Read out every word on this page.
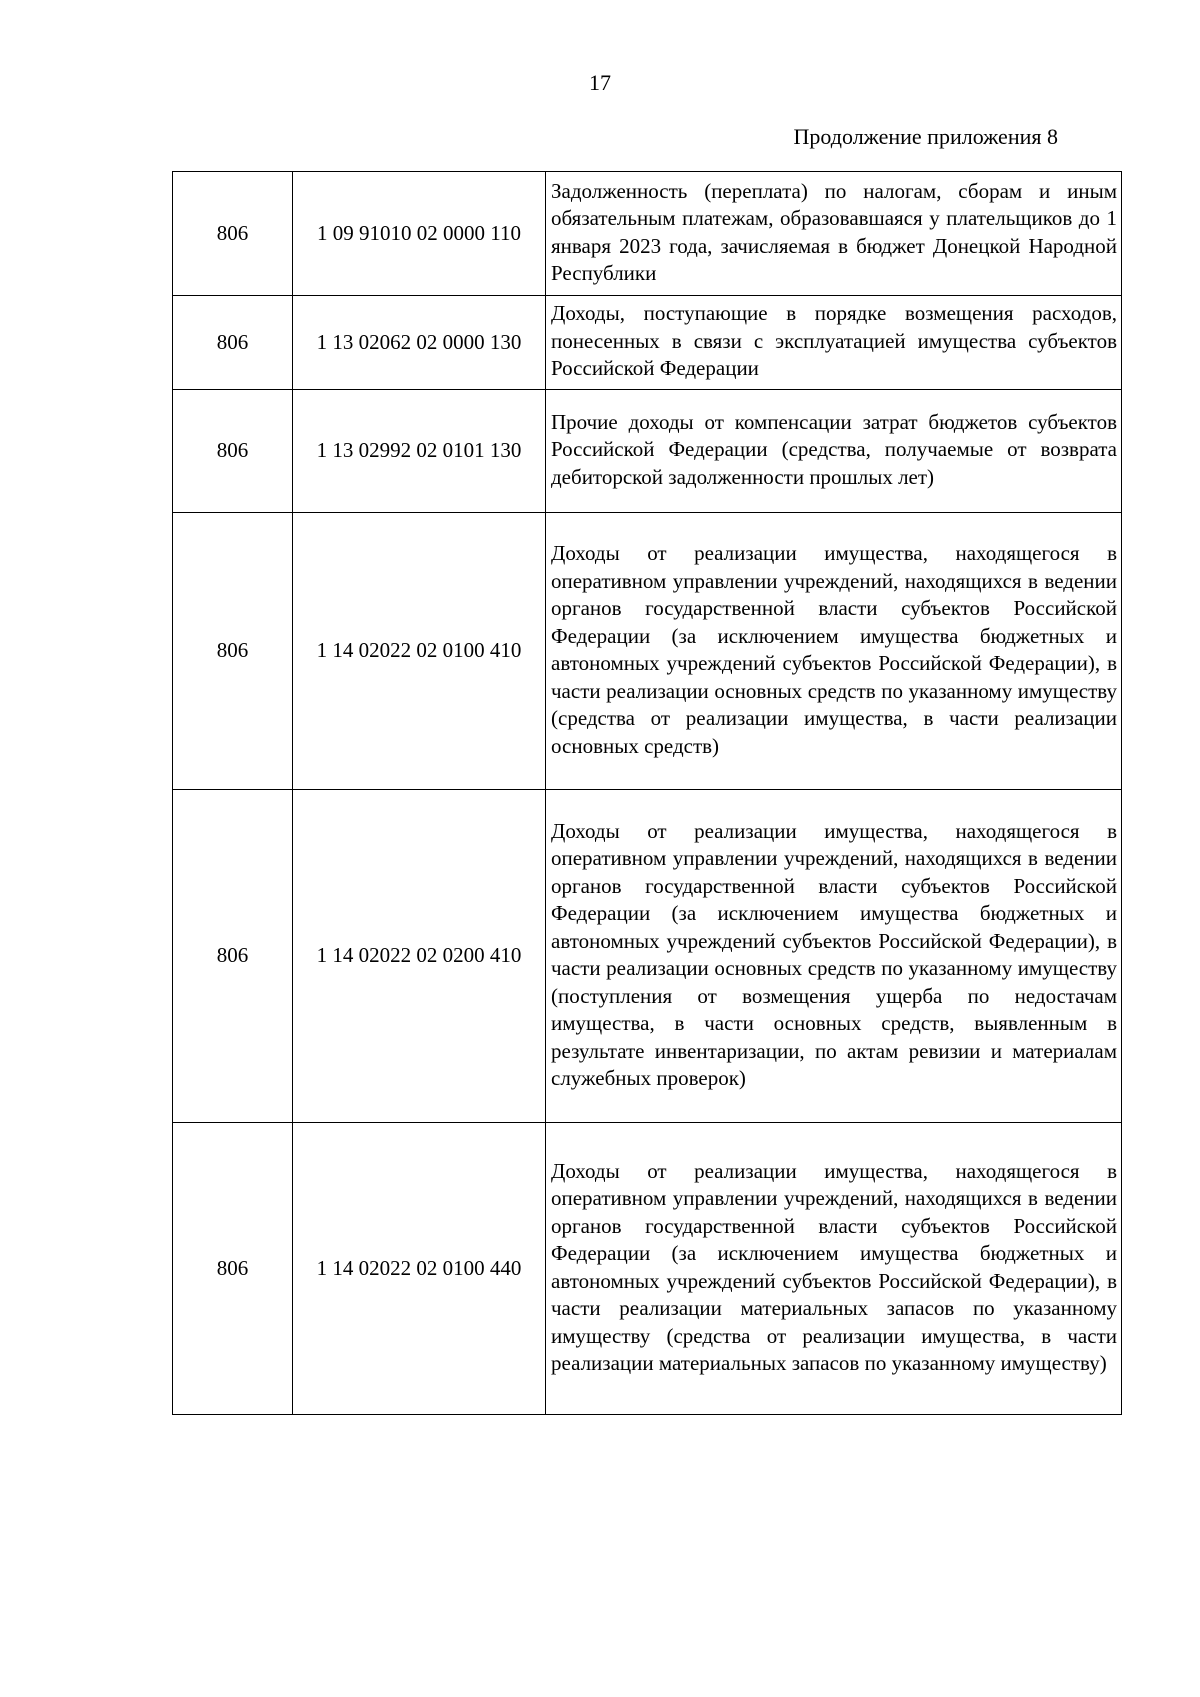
17
Продолжение приложения 8
806	1 09 91010 02 0000 110	Задолженность (переплата) по налогам, сборам и иным обязательным платежам, образовавшаяся у плательщиков до 1 января 2023 года, зачисляемая в бюджет Донецкой Народной Республики
806	1 13 02062 02 0000 130	Доходы, поступающие в порядке возмещения расходов, понесенных в связи с эксплуатацией имущества субъектов Российской Федерации
806	1 13 02992 02 0101 130	Прочие доходы от компенсации затрат бюджетов субъектов Российской Федерации (средства, получаемые от возврата дебиторской задолженности прошлых лет)
806	1 14 02022 02 0100 410	Доходы от реализации имущества, находящегося в оперативном управлении учреждений, находящихся в ведении органов государственной власти субъектов Российской Федерации (за исключением имущества бюджетных и автономных учреждений субъектов Российской Федерации), в части реализации основных средств по указанному имуществу (средства от реализации имущества, в части реализации основных средств)
806	1 14 02022 02 0200 410	Доходы от реализации имущества, находящегося в оперативном управлении учреждений, находящихся в ведении органов государственной власти субъектов Российской Федерации (за исключением имущества бюджетных и автономных учреждений субъектов Российской Федерации), в части реализации основных средств по указанному имуществу (поступления от возмещения ущерба по недостачам имущества, в части основных средств, выявленным в результате инвентаризации, по актам ревизии и материалам служебных проверок)
806	1 14 02022 02 0100 440	Доходы от реализации имущества, находящегося в оперативном управлении учреждений, находящихся в ведении органов государственной власти субъектов Российской Федерации (за исключением имущества бюджетных и автономных учреждений субъектов Российской Федерации), в части реализации материальных запасов по указанному имуществу (средства от реализации имущества, в части реализации материальных запасов по указанному имуществу)
